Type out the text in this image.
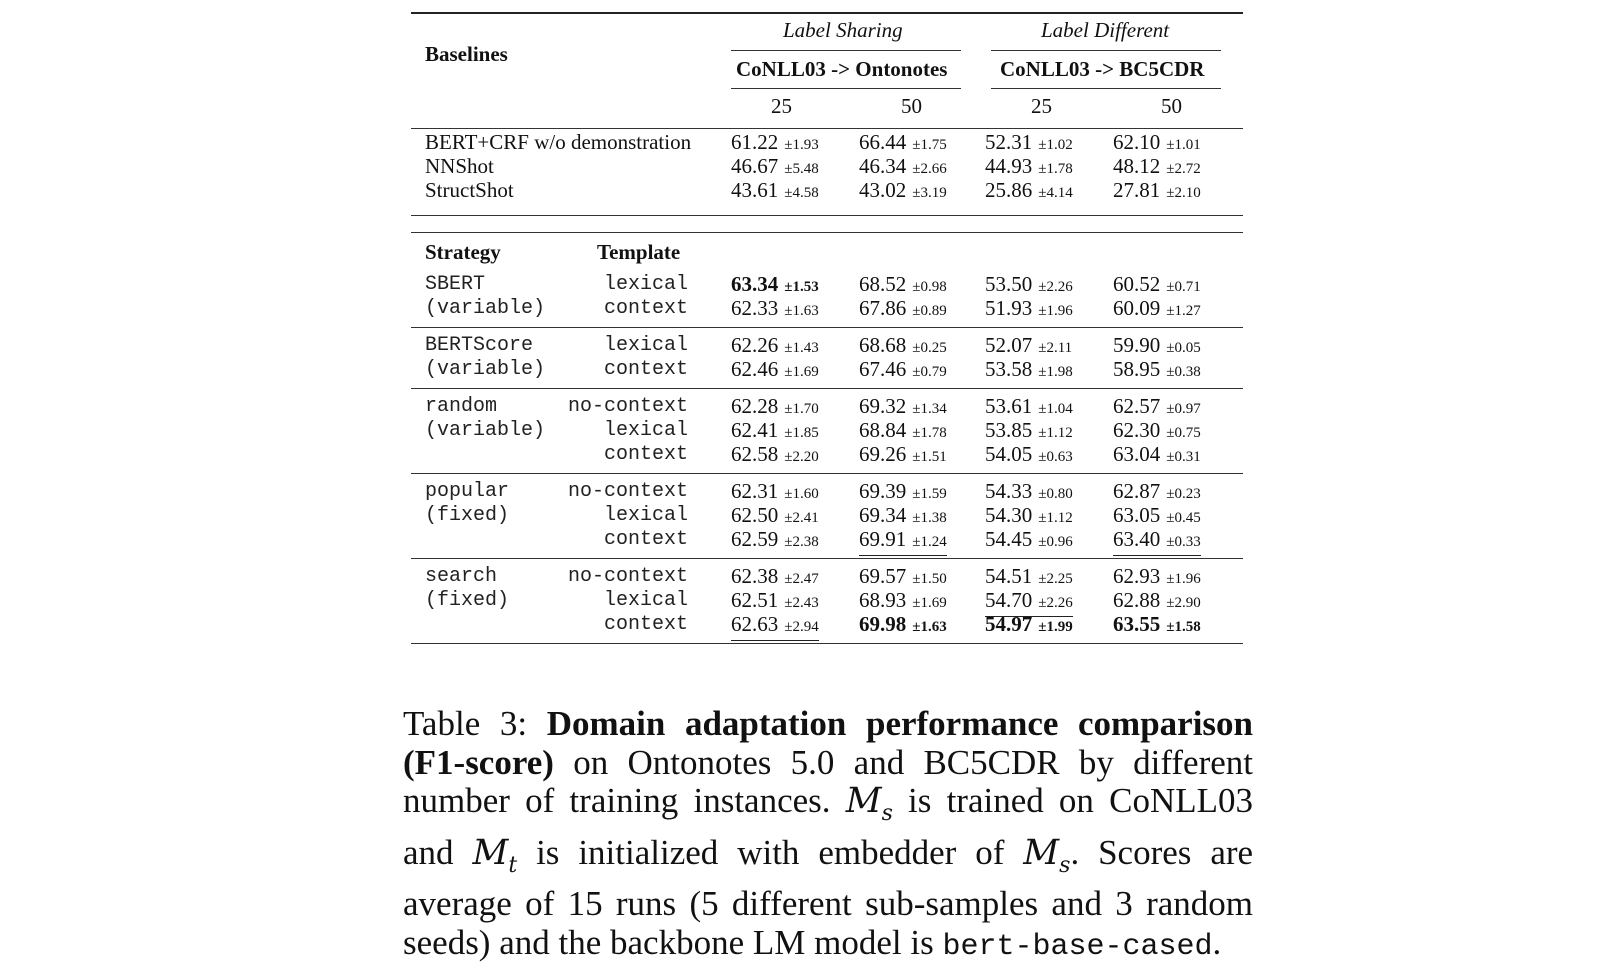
Baselines
Label Sharing	Label Different
CoNLL03 -> Ontonotes	CoNLL03 -> BC5CDR
25	50	25	50
Strategy	Template
BERT+CRF w/o demonstration 61.22 ±1.93 66.44 ±1.75 52.31 ±1.02 62.10 ±1.01
NNShot	46.67 ±5.48 46.34 ±2.66 44.93 ±1.78 48.12 ±2.72
StructShot	43.61 ±4.58 43.02 ±3.19 25.86 ±4.14 27.81 ±2.10
SBERT
(variable)
lexical 63.34 ±1.53 68.52 ±0.98 53.50 ±2.26 60.52 ±0.71
context 62.33 ±1.63 67.86 ±0.89 51.93 ±1.96 60.09 ±1.27
BERTScore
(variable)
lexical 62.26 ±1.43 68.68 ±0.25 52.07 ±2.11 59.90 ±0.05
context 62.46 ±1.69 67.46 ±0.79 53.58 ±1.98 58.95 ±0.38
random
(variable)
no-context 62.28 ±1.70 69.32 ±1.34 53.61 ±1.04 62.57 ±0.97
lexical 62.41 ±1.85 68.84 ±1.78 53.85 ±1.12 62.30 ±0.75
context 62.58 ±2.20 69.26 ±1.51 54.05 ±0.63 63.04 ±0.31
popular
(fixed)
no-context 62.31 ±1.60 69.39 ±1.59 54.33 ±0.80 62.87 ±0.23
lexical 62.50 ±2.41 69.34 ±1.38 54.30 ±1.12 63.05 ±0.45
context 62.59 ±2.38 69.91 ±1.24 54.45 ±0.96 63.40 ±0.33
search
(fixed)
no-context 62.38 ±2.47 69.57 ±1.50 54.51 ±2.25 62.93 ±1.96
lexical 62.51 ±2.43 68.93 ±1.69 54.70 ±2.26 62.88 ±2.90
context 62.63 ±2.94 69.98 ±1.63 54.97 ±1.99 63.55 ±1.58
Table 3: Domain adaptation performance comparison (F1-score) on Ontonotes 5.0 and BC5CDR by different number of training instances. $M_s$ is trained on CoNLL03 and $M_t$ is initialized with embedder of $M_s$. Scores are average of 15 runs (5 different sub-samples and 3 random seeds) and the backbone LM model is bert-base-cased.
